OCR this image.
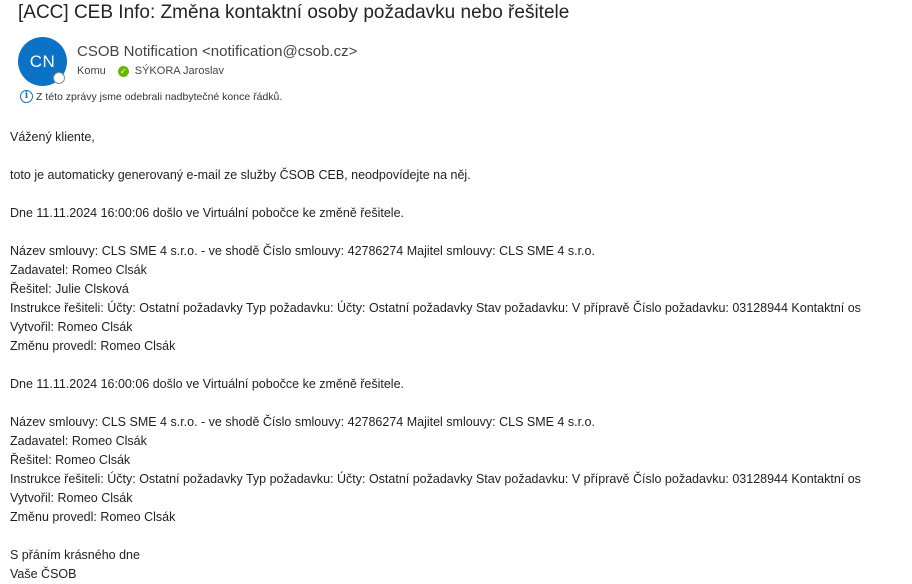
[ACC] CEB Info: Změna kontaktní osoby požadavku nebo řešitele
CN CSOB Notification <notification@csob.cz>
Komu ✓ SÝKORA Jaroslav
i Z této zprávy jsme odebrali nadbytečné konce řádků.
Vážený kliente,
toto je automaticky generovaný e-mail ze služby ČSOB CEB, neodpovídejte na něj.
Dne 11.11.2024 16:00:06 došlo ve Virtuální pobočce ke změně řešitele.
Název smlouvy: CLS SME 4 s.r.o. - ve shodě Číslo smlouvy: 42786274 Majitel smlouvy: CLS SME 4 s.r.o.
Zadavatel: Romeo Clsák
Řešitel: Julie Clsková
Instrukce řešiteli: Účty: Ostatní požadavky Typ požadavku: Účty: Ostatní požadavky Stav požadavku: V přípravě Číslo požadavku: 03128944 Kontaktní os
Vytvořil: Romeo Clsák
Změnu provedl: Romeo Clsák
Dne 11.11.2024 16:00:06 došlo ve Virtuální pobočce ke změně řešitele.
Název smlouvy: CLS SME 4 s.r.o. - ve shodě Číslo smlouvy: 42786274 Majitel smlouvy: CLS SME 4 s.r.o.
Zadavatel: Romeo Clsák
Řešitel: Romeo Clsák
Instrukce řešiteli: Účty: Ostatní požadavky Typ požadavku: Účty: Ostatní požadavky Stav požadavku: V přípravě Číslo požadavku: 03128944 Kontaktní os
Vytvořil: Romeo Clsák
Změnu provedl: Romeo Clsák
S přáním krásného dne
Vaše ČSOB
